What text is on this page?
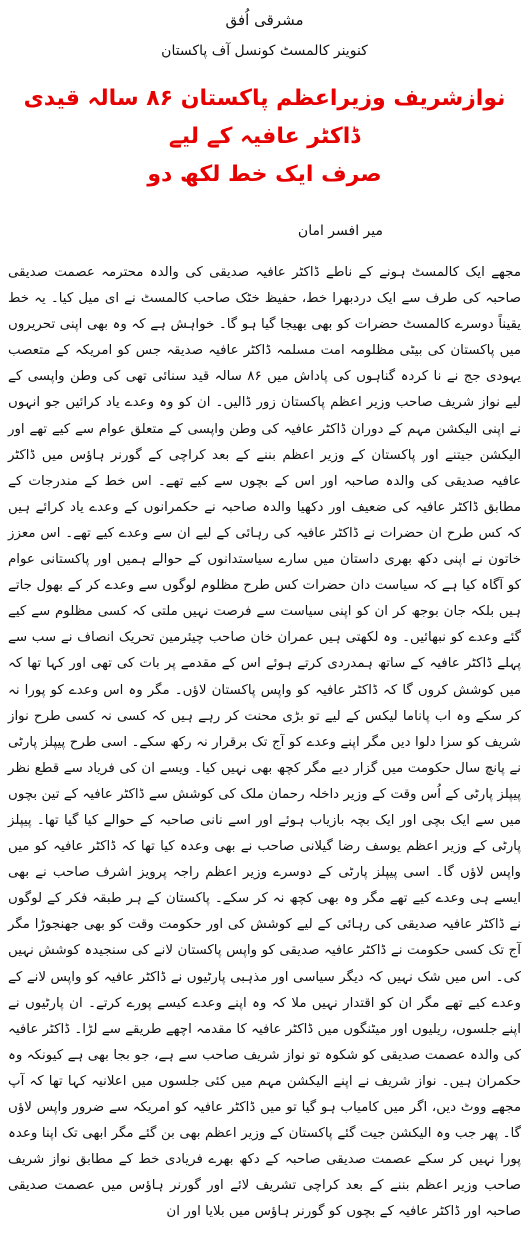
مشرقی اُفق
کنوینر کالمسٹ کونسل آف پاکستان
نوازشریف وزیراعظم پاکستان ۸۶ سالہ قیدی ڈاکٹر عافیہ کے لیے
صرف ایک خط لکھ دو
میر افسر امان
مجھے ایک کالمسٹ ہونے کے ناطے ڈاکٹر عافیہ صدیقی کی والدہ محترمہ عصمت صدیقی صاحبہ کی طرف سے ایک دردبھرا خط، حفیظ خٹک صاحب کالمسٹ نے ای میل کیا۔ یہ خط یقیناً دوسرے کالمسٹ حضرات کو بھی بھیجا گیا ہو گا۔ خواہش ہے کہ وہ بھی اپنی تحریروں میں پاکستان کی بیٹی مظلومہ امت مسلمہ ڈاکٹر عافیہ صدیقہ جس کو امریکہ کے متعصب یہودی جج نے نا کردہ گناہوں کی پاداش میں ۸۶ سالہ قید سنائی تھی کی وطن واپسی کے لیے نواز شریف صاحب وزیر اعظم پاکستان زور ڈالیں۔ ان کو وہ وعدے یاد کرائیں جو انہوں نے اپنی الیکشن مہم کے دوران ڈاکٹر عافیہ کی وطن واپسی کے متعلق عوام سے کیے تھے اور الیکشن جیتنے اور پاکستان کے وزیر اعظم بننے کے بعد کراچی کے گورنر ہاؤس میں ڈاکٹر عافیہ صدیقی کی والدہ صاحبہ اور اس کے بچوں سے کیے تھے۔ اس خط کے مندرجات کے مطابق ڈاکٹر عافیہ کی ضعیف اور دکھیا والدہ صاحبہ نے حکمرانوں کے وعدے یاد کرائے ہیں کہ کس طرح ان حضرات نے ڈاکٹر عافیہ کی رہائی کے لیے ان سے وعدے کیے تھے۔ اس معزز خاتون نے اپنی دکھ بھری داستان میں سارے سیاستدانوں کے حوالے ہمیں اور پاکستانی عوام کو آگاہ کیا ہے کہ سیاست دان حضرات کس طرح مظلوم لوگوں سے وعدے کر کے بھول جاتے ہیں بلکہ جان بوجھ کر ان کو اپنی سیاست سے فرصت نہیں ملتی کہ کسی مظلوم سے کیے گئے وعدے کو نبھائیں۔ وہ لکھتی ہیں عمران خان صاحب چیئرمین تحریک انصاف نے سب سے پہلے ڈاکٹر عافیہ کے ساتھ ہمدردی کرتے ہوئے اس کے مقدمے پر بات کی تھی اور کہا تھا کہ میں کوشش کروں گا کہ ڈاکٹر عافیہ کو واپس پاکستان لاؤں۔ مگر وہ اس وعدے کو پورا نہ کر سکے وہ اب پاناما لیکس کے لیے تو بڑی محنت کر رہے ہیں کہ کسی نہ کسی طرح نواز شریف کو سزا دلوا دیں مگر اپنے وعدے کو آج تک برقرار نہ رکھ سکے۔ اسی طرح پیپلز پارٹی نے پانچ سال حکومت میں گزار دیے مگر کچھ بھی نہیں کیا۔ ویسے ان کی فریاد سے قطع نظر پیپلز پارٹی کے اُس وقت کے وزیر داخلہ رحمان ملک کی کوشش سے ڈاکٹر عافیہ کے تین بچوں میں سے ایک بچی اور ایک بچہ بازیاب ہوئے اور اسے نانی صاحبہ کے حوالے کیا گیا تھا۔ پیپلز پارٹی کے وزیر اعظم یوسف رضا گیلانی صاحب نے بھی وعدہ کیا تھا کہ ڈاکٹر عافیہ کو میں واپس لاؤں گا۔ اسی پیپلز پارٹی کے دوسرے وزیر اعظم راجہ پرویز اشرف صاحب نے بھی ایسے ہی وعدے کیے تھے مگر وہ بھی کچھ نہ کر سکے۔ پاکستان کے ہر طبقہ فکر کے لوگوں نے ڈاکٹر عافیہ صدیقی کی رہائی کے لیے کوشش کی اور حکومت وقت کو بھی جھنجوڑا مگر آج تک کسی حکومت نے ڈاکٹر عافیہ صدیقی کو واپس پاکستان لانے کی سنجیدہ کوشش نہیں کی۔ اس میں شک نہیں کہ دیگر سیاسی اور مذہبی پارٹیوں نے ڈاکٹر عافیہ کو واپس لانے کے وعدے کیے تھے مگر ان کو اقتدار نہیں ملا کہ وہ اپنے وعدے کیسے پورے کرتے۔ ان پارٹیوں نے اپنے جلسوں، ریلیوں اور میٹنگوں میں ڈاکٹر عافیہ کا مقدمہ اچھے طریقے سے لڑا۔ ڈاکٹر عافیہ کی والدہ عصمت صدیقی کو شکوہ تو نواز شریف صاحب سے ہے، جو بجا بھی ہے کیونکہ وہ حکمران ہیں۔ نواز شریف نے اپنے الیکشن مہم میں کئی جلسوں میں اعلانیہ کہا تھا کہ آپ مجھے ووٹ دیں، اگر میں کامیاب ہو گیا تو میں ڈاکٹر عافیہ کو امریکہ سے ضرور واپس لاؤں گا۔ پھر جب وہ الیکشن جیت گئے پاکستان کے وزیر اعظم بھی بن گئے مگر ابھی تک اپنا وعدہ پورا نہیں کر سکے عصمت صدیقی صاحبہ کے دکھ بھرے فریادی خط کے مطابق نواز شریف صاحب وزیر اعظم بننے کے بعد کراچی تشریف لائے اور گورنر ہاؤس میں عصمت صدیقی صاحبہ اور ڈاکٹر عافیہ کے بچوں کو گورنر ہاؤس میں بلایا اور ان
